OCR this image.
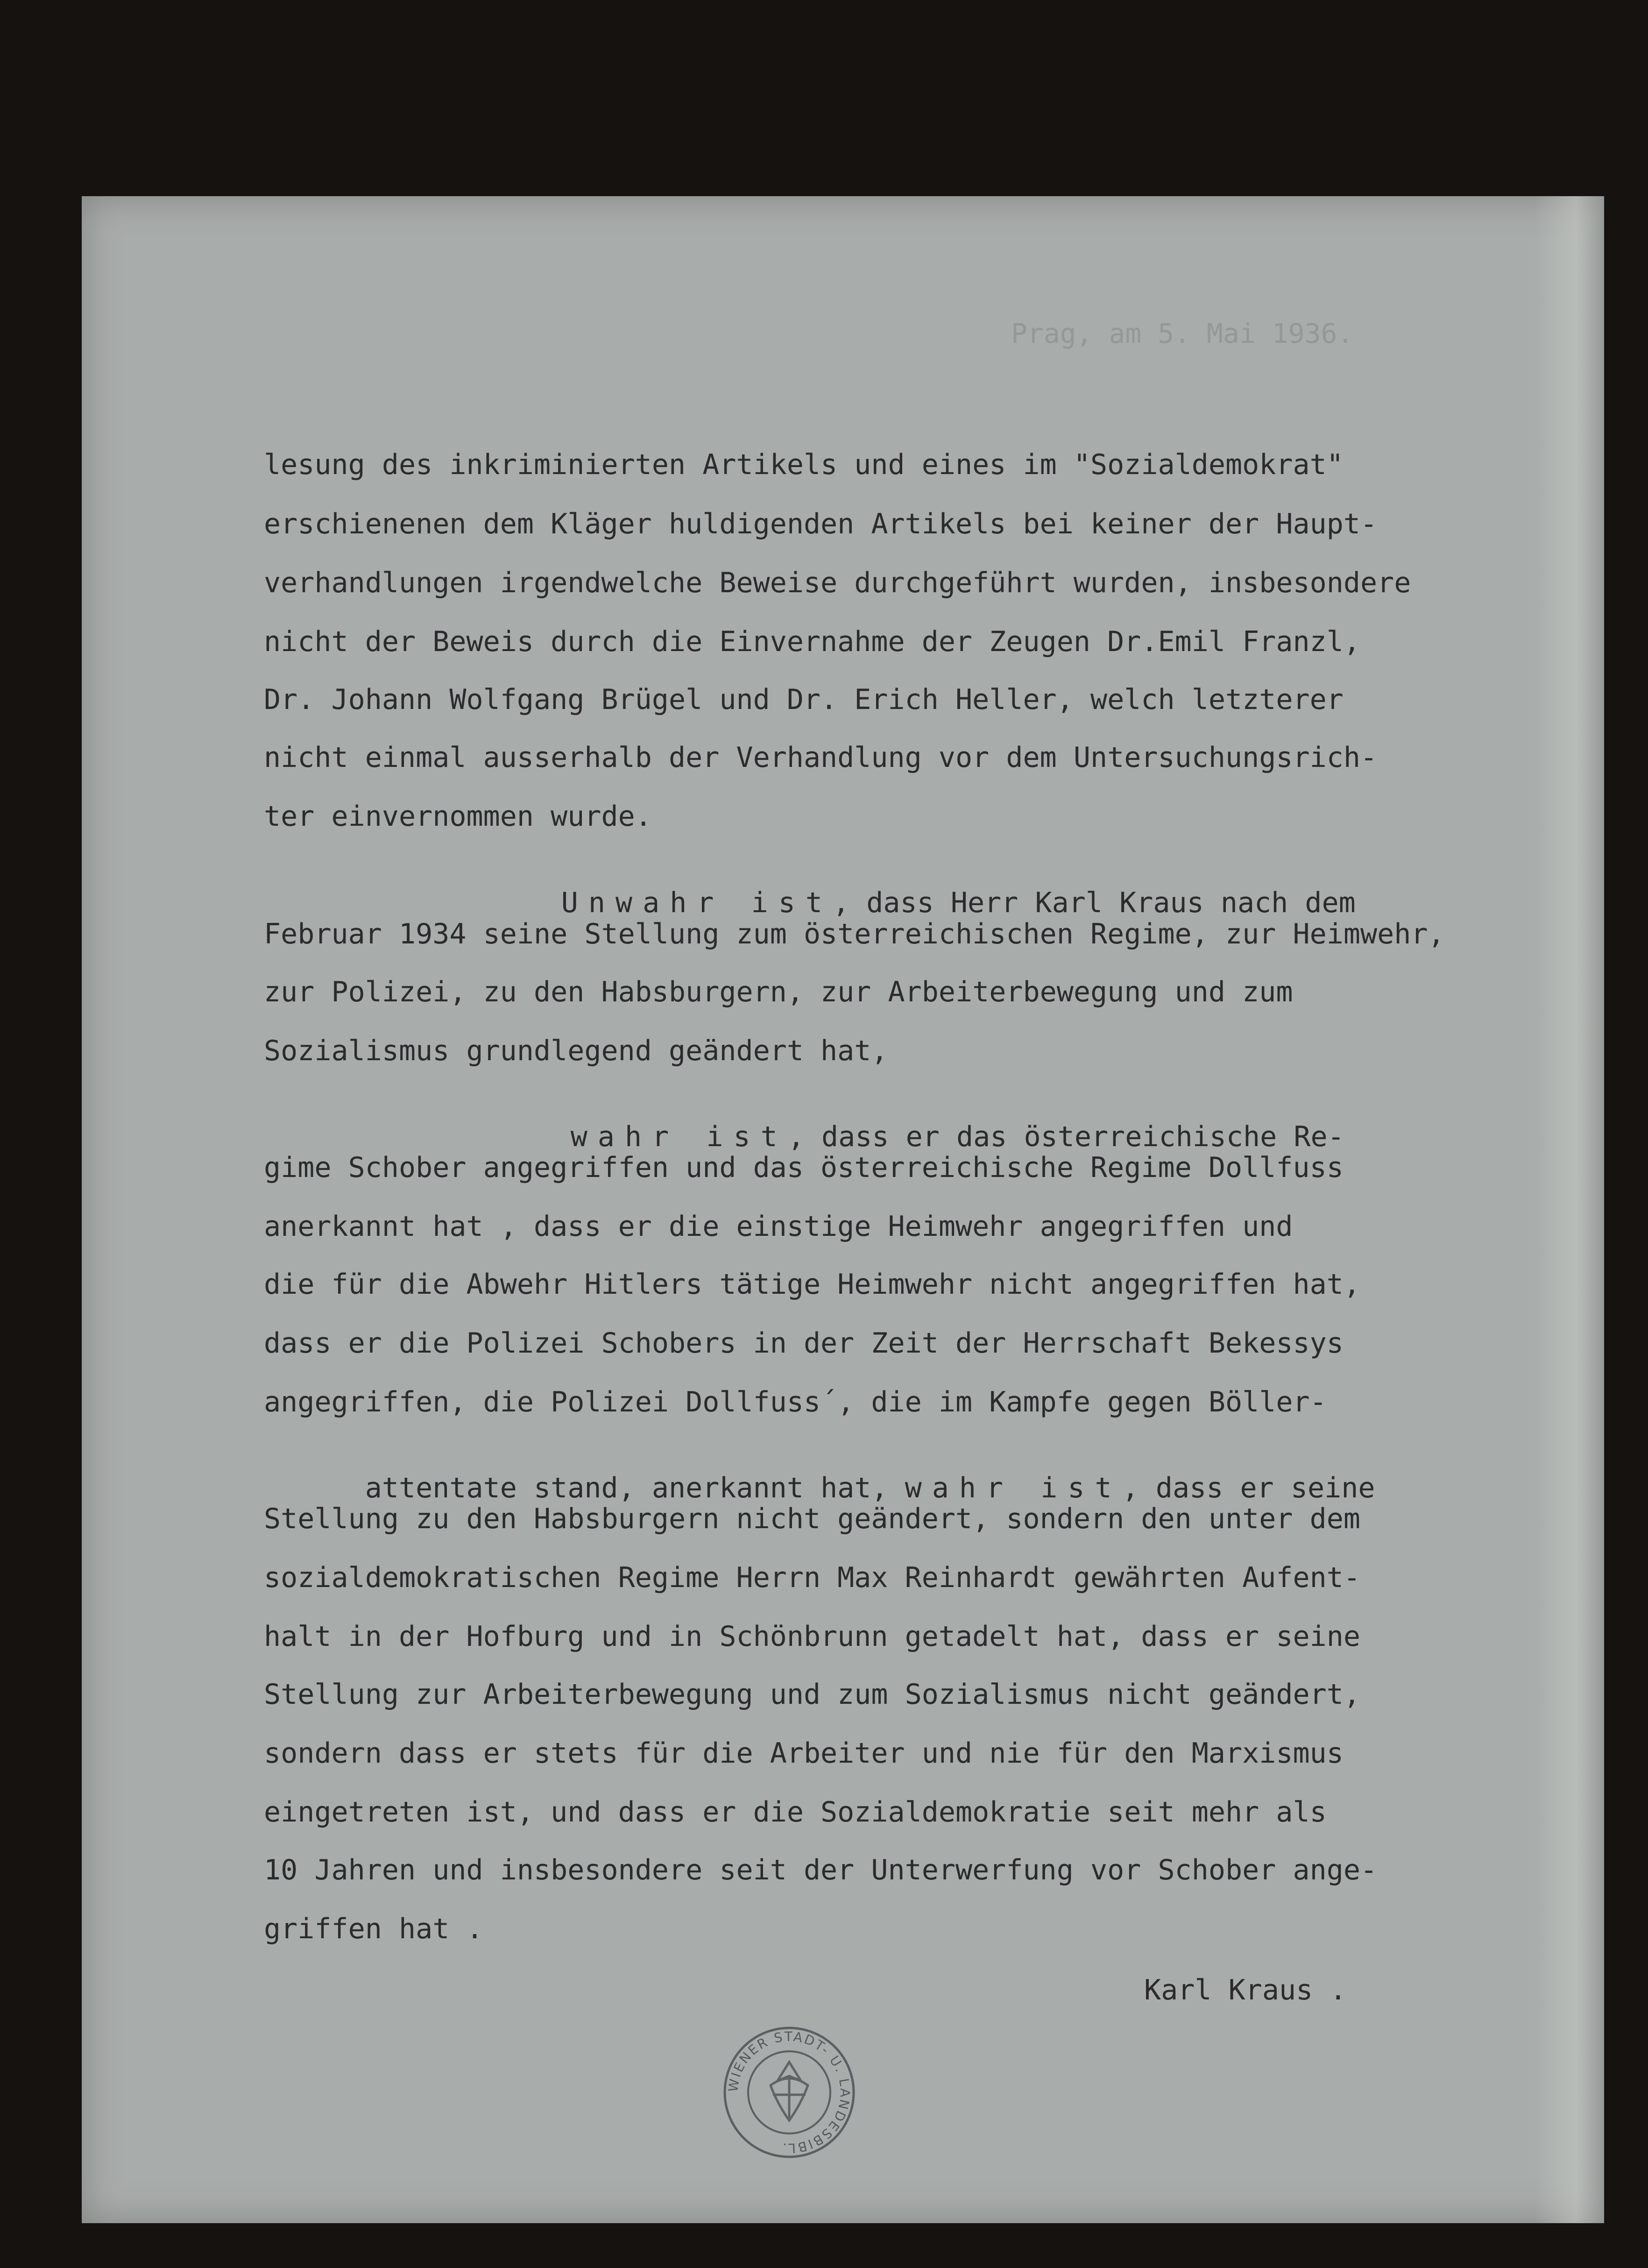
Prag, am 5. Mai 1936.
lesung des inkriminierten Artikels und eines im "Sozialdemokrat"
erschienenen dem Kläger huldigenden Artikels bei keiner der Haupt-
verhandlungen irgendwelche Beweise durchgeführt wurden, insbesondere
nicht der Beweis durch die Einvernahme der Zeugen Dr.Emil Franzl,
Dr. Johann Wolfgang Brügel und Dr. Erich Heller, welch letzterer
nicht einmal ausserhalb der Verhandlung vor dem Untersuchungsrich-
ter einvernommen wurde.

Unwahr ist, dass Herr Karl Kraus nach dem

Februar 1934 seine Stellung zum österreichischen Regime, zur Heimwehr,
zur Polizei, zu den Habsburgern, zur Arbeiterbewegung und zum
Sozialismus grundlegend geändert hat,

wahr ist, dass er das österreichische Re-

gime Schober angegriffen und das österreichische Regime Dollfuss
anerkannt hat , dass er die einstige Heimwehr angegriffen und
die für die Abwehr Hitlers tätige Heimwehr nicht angegriffen hat,
dass er die Polizei Schobers in der Zeit der Herrschaft Bekessys
angegriffen, die Polizei Dollfuss´, die im Kampfe gegen Böller-

attentate stand, anerkannt hat, wahr ist, dass er seine

Stellung zu den Habsburgern nicht geändert, sondern den unter dem
sozialdemokratischen Regime Herrn Max Reinhardt gewährten Aufent-
halt in der Hofburg und in Schönbrunn getadelt hat, dass er seine
Stellung zur Arbeiterbewegung und zum Sozialismus nicht geändert,
sondern dass er stets für die Arbeiter und nie für den Marxismus
eingetreten ist, und dass er die Sozialdemokratie seit mehr als
10 Jahren und insbesondere seit der Unterwerfung vor Schober ange-
griffen hat .
Karl Kraus .
WIENER STADT- U. LANDESBIBL.
